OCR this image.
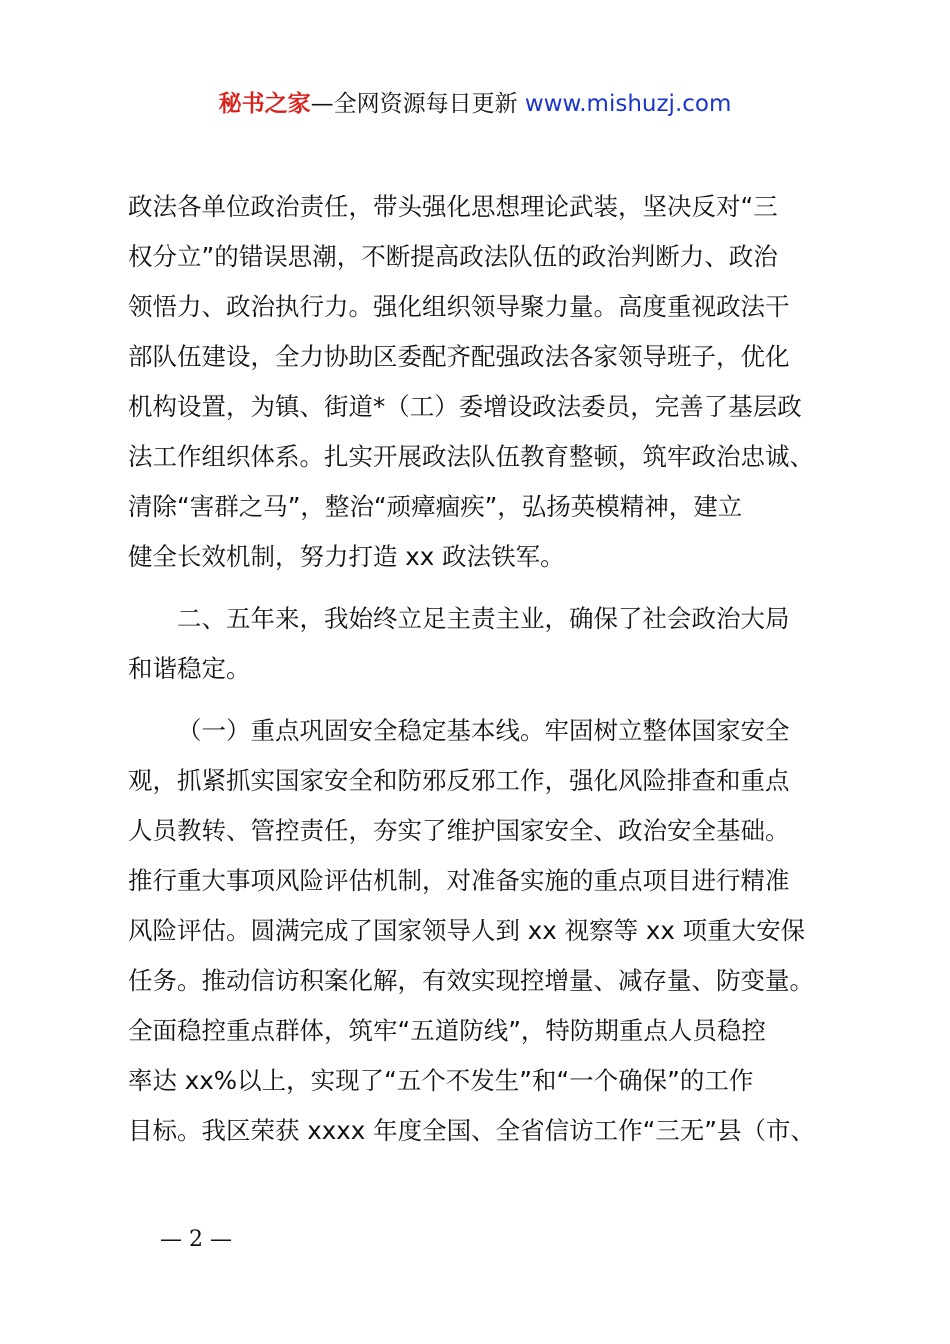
秘书之家—全网资源每日更新 www.mishuzj.com
政法各单位政治责任，带头强化思想理论武装，坚决反对“三
权分立”的错误思潮，不断提高政法队伍的政治判断力、政治
领悟力、政治执行力。强化组织领导聚力量。高度重视政法干
部队伍建设，全力协助区委配齐配强政法各家领导班子，优化
机构设置，为镇、街道*（工）委增设政法委员，完善了基层政
法工作组织体系。扎实开展政法队伍教育整顿，筑牢政治忠诚、
清除“害群之马”，整治“顽瘴痼疾”，弘扬英模精神，建立
健全长效机制，努力打造 xx 政法铁军。
二、五年来，我始终立足主责主业，确保了社会政治大局
和谐稳定。
（一）重点巩固安全稳定基本线。牢固树立整体国家安全
观，抓紧抓实国家安全和防邪反邪工作，强化风险排查和重点
人员教转、管控责任，夯实了维护国家安全、政治安全基础。
推行重大事项风险评估机制，对准备实施的重点项目进行精准
风险评估。圆满完成了国家领导人到 xx 视察等 xx 项重大安保
任务。推动信访积案化解，有效实现控增量、减存量、防变量。
全面稳控重点群体，筑牢“五道防线”，特防期重点人员稳控
率达 xx%以上，实现了“五个不发生”和“一个确保”的工作
目标。我区荣获 xxxx 年度全国、全省信访工作“三无”县（市、
— 2 —
